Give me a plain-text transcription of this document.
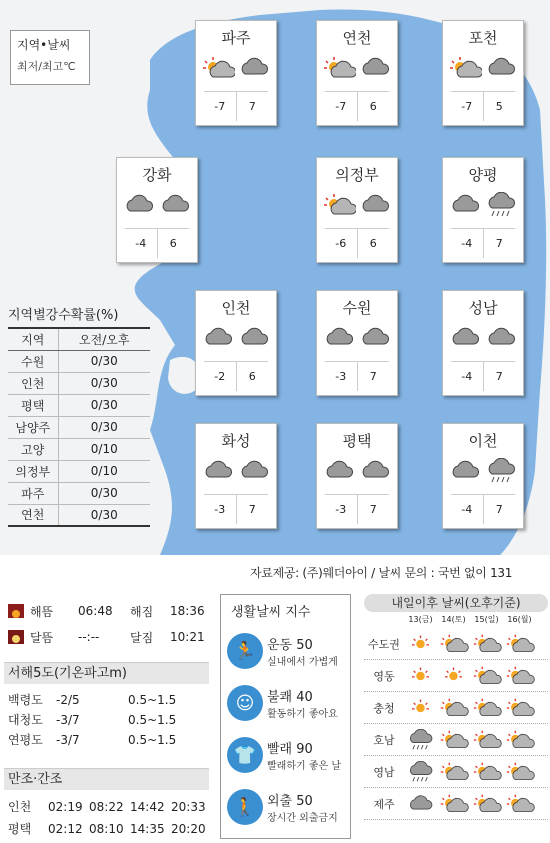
지역•날씨
최저/최고℃
파주
-7	7
연천
-7	6
포천
-7	5
강화
-4	6
의정부
-6	6
양평
-4	7
인천
-2	6
수원
-3	7
성남
-4	7
화성
-3	7
평택
-3	7
이천
-4	7
지역별강수확률(%)
지역	오전/오후
수원	0/30
인천	0/30
평택	0/30
남양주	0/30
고양	0/10
의정부	0/10
파주	0/30
연천	0/30
자료제공: (주)웨더아이 / 날씨 문의 : 국번 없이 131
해뜸	06:48	해짐	18:36
달뜸	--:--	달짐	10:21
서해5도(기온파고m)
백령도	-2/5	0.5~1.5
대청도	-3/7	0.5~1.5
연평도	-3/7	0.5~1.5
만조·간조
인천	02:19 08:22 14:42 20:33
평택	02:12 08:10 14:35 20:20
생활날씨 지수
🏃 운동 50
실내에서 가볍게
☺ 불쾌 40
활동하기 좋아요
👕 빨래 90
빨래하기 좋은 날
🚶 외출 50
장시간 외출금지
내일이후 날씨(오후기준)
13(금)	14(토)	15(일)	16(월)
수도권
영동
충청
호남
영남
제주
